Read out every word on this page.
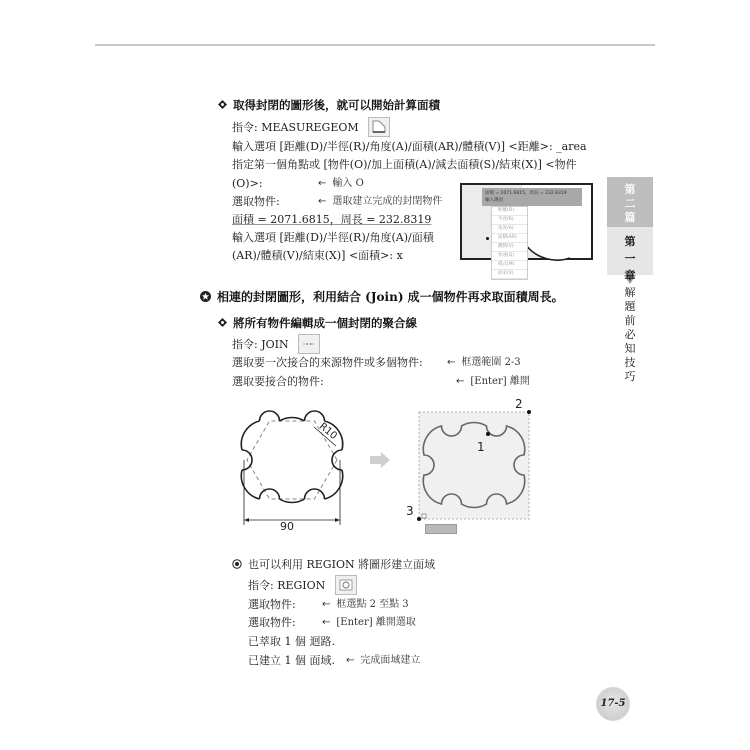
取得封閉的圖形後，就可以開始計算面積
指令: MEASUREGEOM
輸入選項 [距離(D)/半徑(R)/角度(A)/面積(AR)/體積(V)] <距離>: _area
指定第一個角點或 [物件(O)/加上面積(A)/減去面積(S)/結束(X)] <物件
(O)>:	← 輸入 O
選取物件:	← 選取建立完成的封閉物件
面積 = 2071.6815，周長 = 232.8319
輸入選項 [距離(D)/半徑(R)/角度(A)/面積
(AR)/體積(V)/結束(X)] <面積>: x
面積 = 2071.6815，周長 = 232.8319
輸入選項
距離(D)
半徑(R)
角度(A)
面積(AR)
體積(V)
快速(Q)
模式(M)
結束(X)
相連的封閉圖形，利用結合 (Join) 成一個物件再求取面積周長。
將所有物件編輯成一個封閉的聚合線
指令: JOIN
選取要一次接合的來源物件或多個物件: ← 框選範圍 2-3
選取要接合的物件:	← [Enter] 離開
90
R10
1
2
3
也可以利用 REGION 將圖形建立面域
指令: REGION
選取物件:	← 框選點 2 至點 3
選取物件:	← [Enter] 離開選取
已萃取 1 個 迴路.
已建立 1 個 面域. ← 完成面域建立
第
二
篇
第
一
章
解
題
前
必
知
技
巧
17-5
